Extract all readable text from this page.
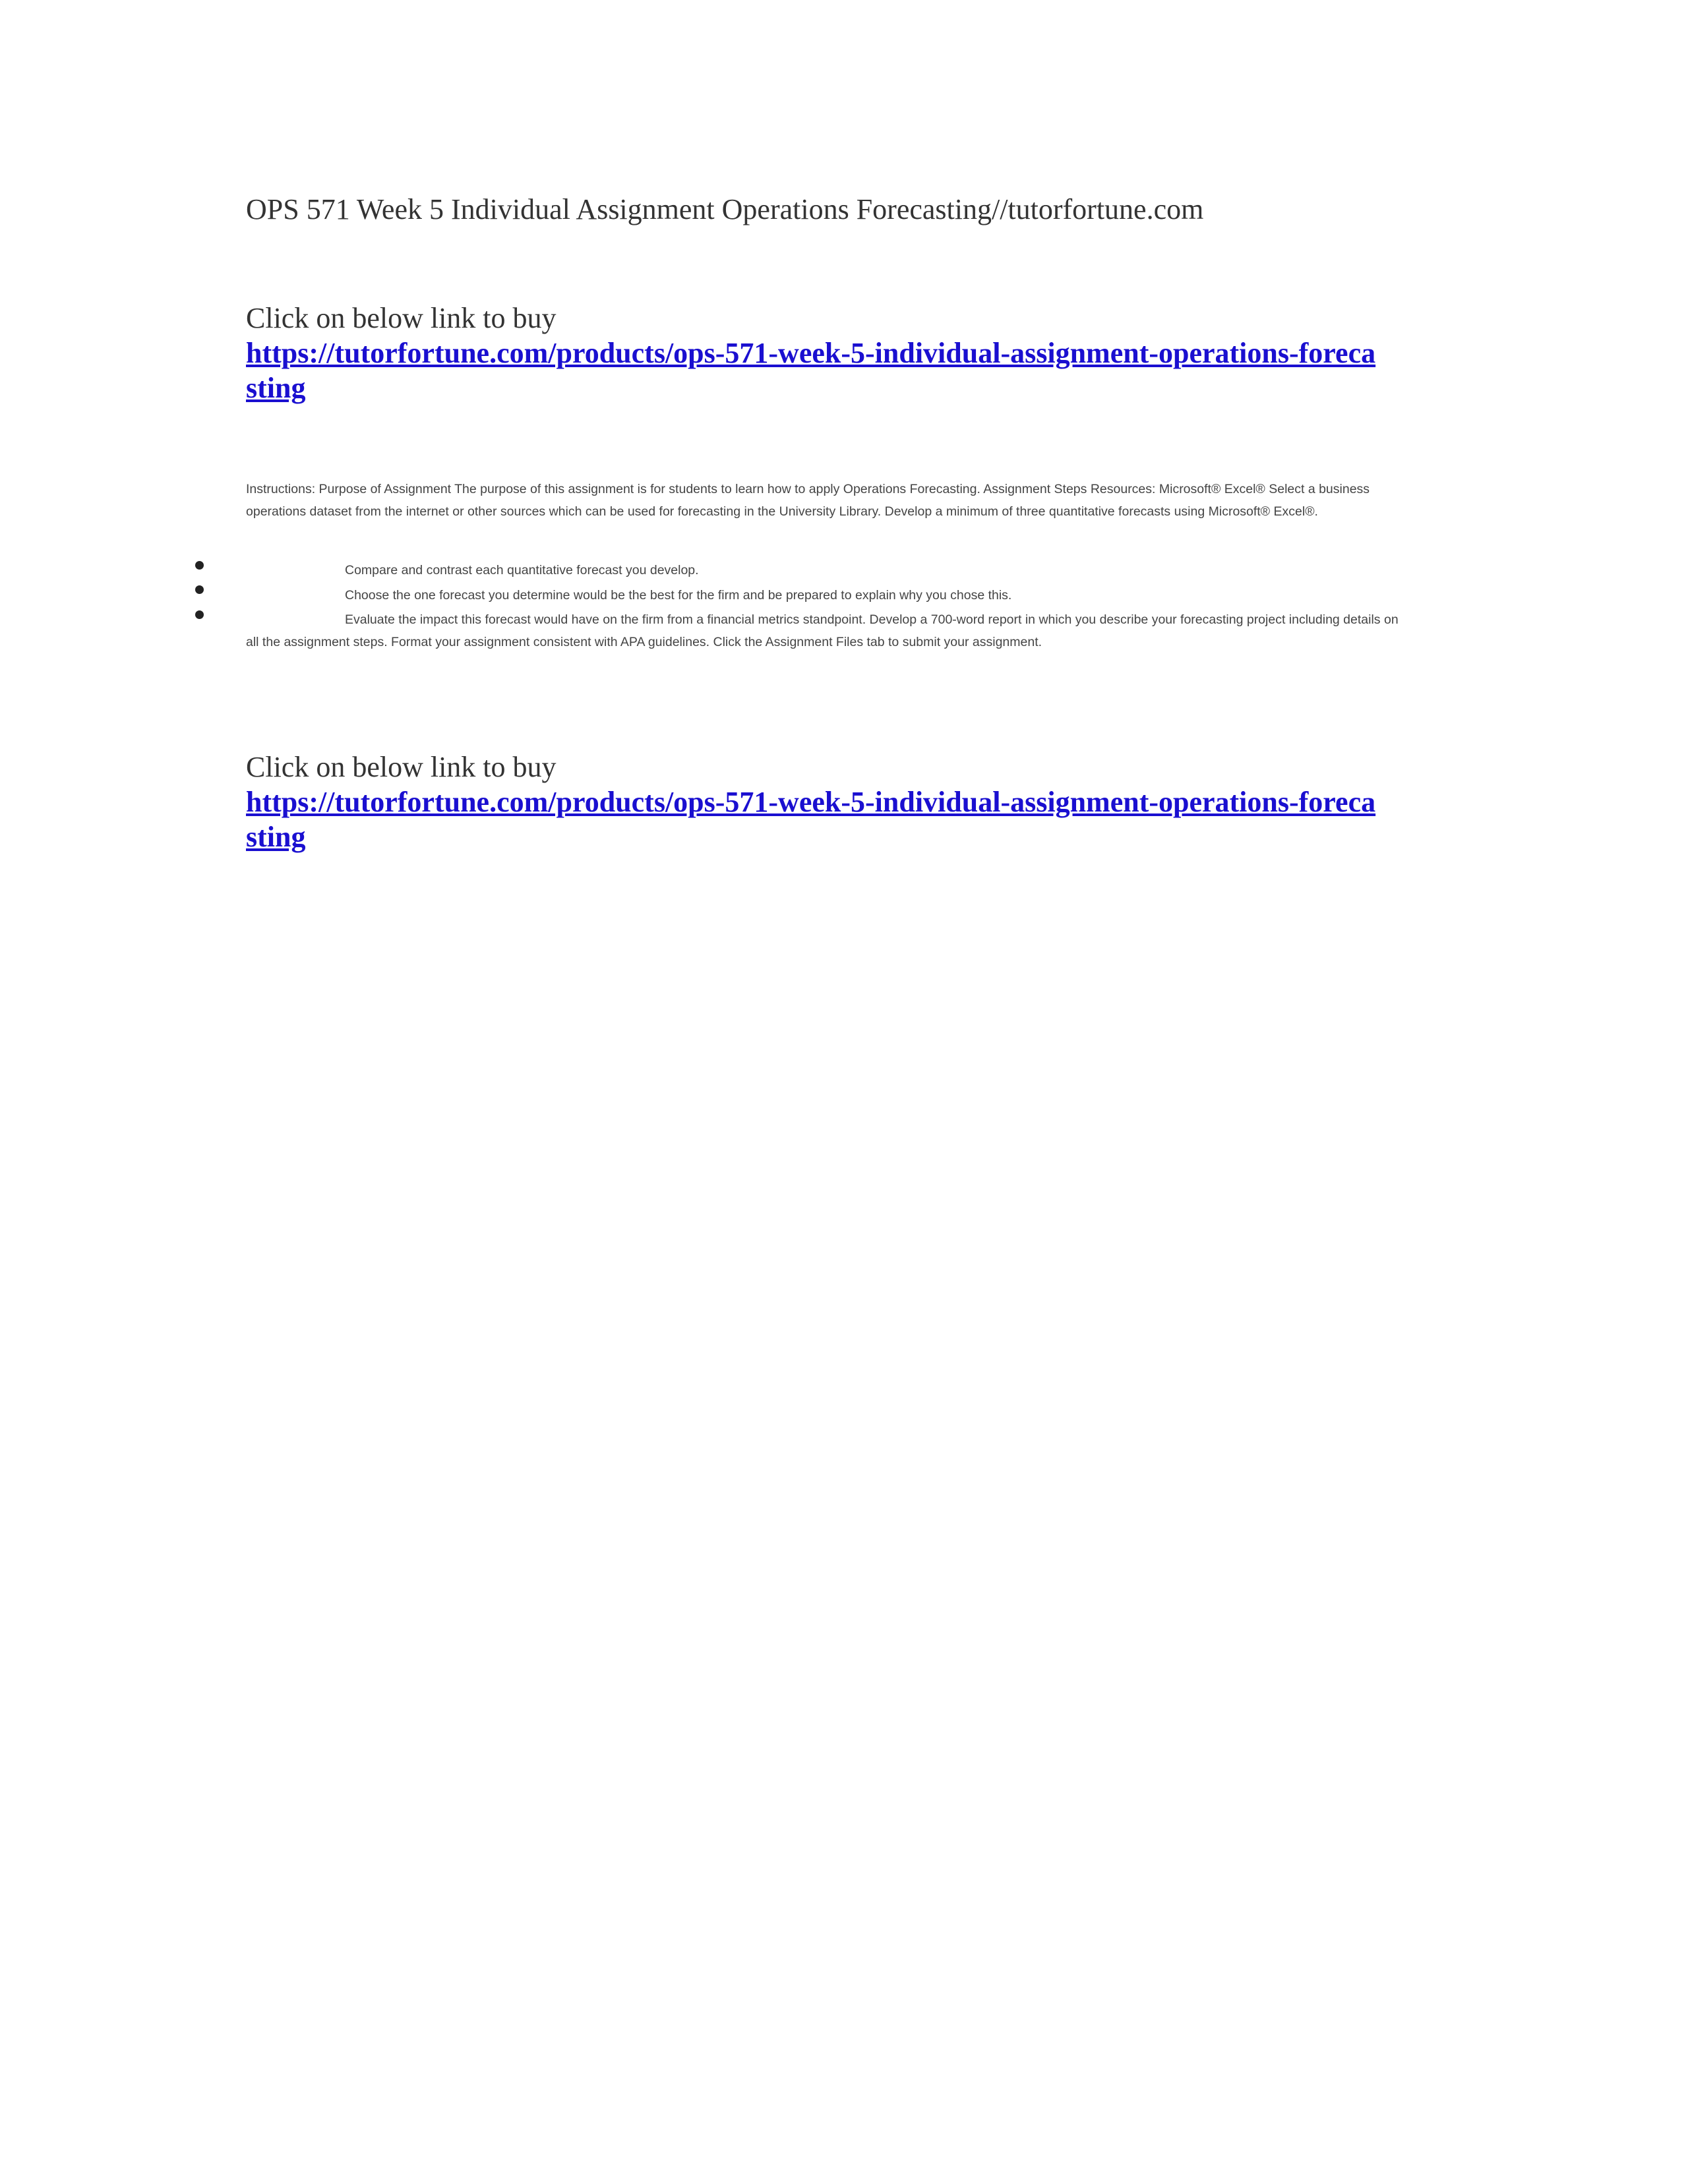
OPS 571 Week 5 Individual Assignment Operations Forecasting//tutorfortune.com

Click on below link to buy

https://tutorfortune.com/products/ops-571-week-5-individual-assignment-operations-forecasting

Instructions: Purpose of Assignment The purpose of this assignment is for students to learn how to apply Operations Forecasting. Assignment Steps Resources: Microsoft® Excel® Select a business operations dataset from the internet or other sources which can be used for forecasting in the University Library. Develop a minimum of three quantitative forecasts using Microsoft® Excel®.

Compare and contrast each quantitative forecast you develop.

Choose the one forecast you determine would be the best for the firm and be prepared to explain why you chose this.

Evaluate the impact this forecast would have on the firm from a financial metrics standpoint. Develop a 700-word report in which you describe your forecasting project including details on all the assignment steps. Format your assignment consistent with APA guidelines. Click the Assignment Files tab to submit your assignment.

Click on below link to buy

https://tutorfortune.com/products/ops-571-week-5-individual-assignment-operations-forecasting
